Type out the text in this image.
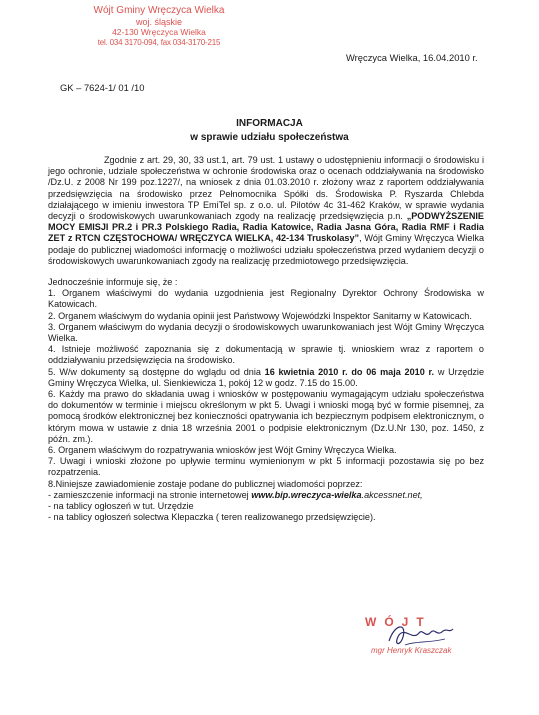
Wójt Gminy Wręczyca Wielka
woj. śląskie
42-130 Wręczyca Wielka
tel. 034 3170-094, fax 034-3170-215
Wręczyca Wielka, 16.04.2010 r.
GK – 7624-1/ 01 /10
INFORMACJA
w sprawie udziału społeczeństwa

Zgodnie z art. 29, 30, 33 ust.1, art. 79 ust. 1 ustawy o udostępnieniu informacji o środowisku i jego ochronie, udziale społeczeństwa w ochronie środowiska oraz o ocenach oddziaływania na środowisko /Dz.U. z 2008 Nr 199 poz.1227/, na wniosek z dnia 01.03.2010 r. złożony wraz z raportem oddziaływania przedsięwzięcia na środowisko przez Pełnomocnika Spółki ds. Środowiska P. Ryszarda Chlebda działającego w imieniu inwestora TP EmiTel sp. z o.o. ul. Pilotów 4c 31-462 Kraków, w sprawie wydania decyzji o środowiskowych uwarunkowaniach zgody na realizację przedsięwzięcia p.n. „PODWYŻSZENIE MOCY EMISJI PR.2 i PR.3 Polskiego Radia, Radia Katowice, Radia Jasna Góra, Radia RMF i Radia ZET z RTCN CZĘSTOCHOWA/ WRĘCZYCA WIELKA, 42-134 Truskolasy”, Wójt Gminy Wręczyca Wielka podaje do publicznej wiadomości informację o możliwości udziału społeczeństwa przed wydaniem decyzji o środowiskowych uwarunkowaniach zgody na realizację przedmiotowego przedsięwzięcia.

Jednocześnie informuje się, że :

1. Organem właściwymi do wydania uzgodnienia jest Regionalny Dyrektor Ochrony Środowiska w Katowicach.

2. Organem właściwym do wydania opinii jest Państwowy Wojewódzki Inspektor Sanitarny w Katowicach.

3. Organem właściwym do wydania decyzji o środowiskowych uwarunkowaniach jest Wójt Gminy Wręczyca Wielka.

4. Istnieje możliwość zapoznania się z dokumentacją w sprawie tj. wnioskiem wraz z raportem o oddziaływaniu przedsięwzięcia na środowisko.

5. W/w dokumenty są dostępne do wglądu od dnia 16 kwietnia 2010 r. do 06 maja 2010 r. w Urzędzie Gminy Wręczyca Wielka, ul. Sienkiewicza 1, pokój 12 w godz. 7.15 do 15.00.

6. Każdy ma prawo do składania uwag i wniosków w postępowaniu wymagającym udziału społeczeństwa do dokumentów w terminie i miejscu określonym w pkt 5. Uwagi i wnioski mogą być w formie pisemnej, za pomocą środków elektronicznej bez konieczności opatrywania ich bezpiecznym podpisem elektronicznym, o którym mowa w ustawie z dnia 18 września 2001 o podpisie elektronicznym (Dz.U.Nr 130, poz. 1450, z późn. zm.).

6. Organem właściwym do rozpatrywania wniosków jest Wójt Gminy Wręczyca Wielka.

7. Uwagi i wnioski złożone po upływie terminu wymienionym w pkt 5 informacji pozostawia się po bez rozpatrzenia.

8.Niniejsze zawiadomienie zostaje podane do publicznej wiadomości poprzez:

- zamieszczenie informacji na stronie internetowej www.bip.wreczyca-wielka.akcessnet.net,

- na tablicy ogłoszeń w tut. Urzędzie

- na tablicy ogłoszeń solectwa Klepaczka ( teren realizowanego przedsięwzięcie).

WÓJT
mgr Henryk Kraszczak
